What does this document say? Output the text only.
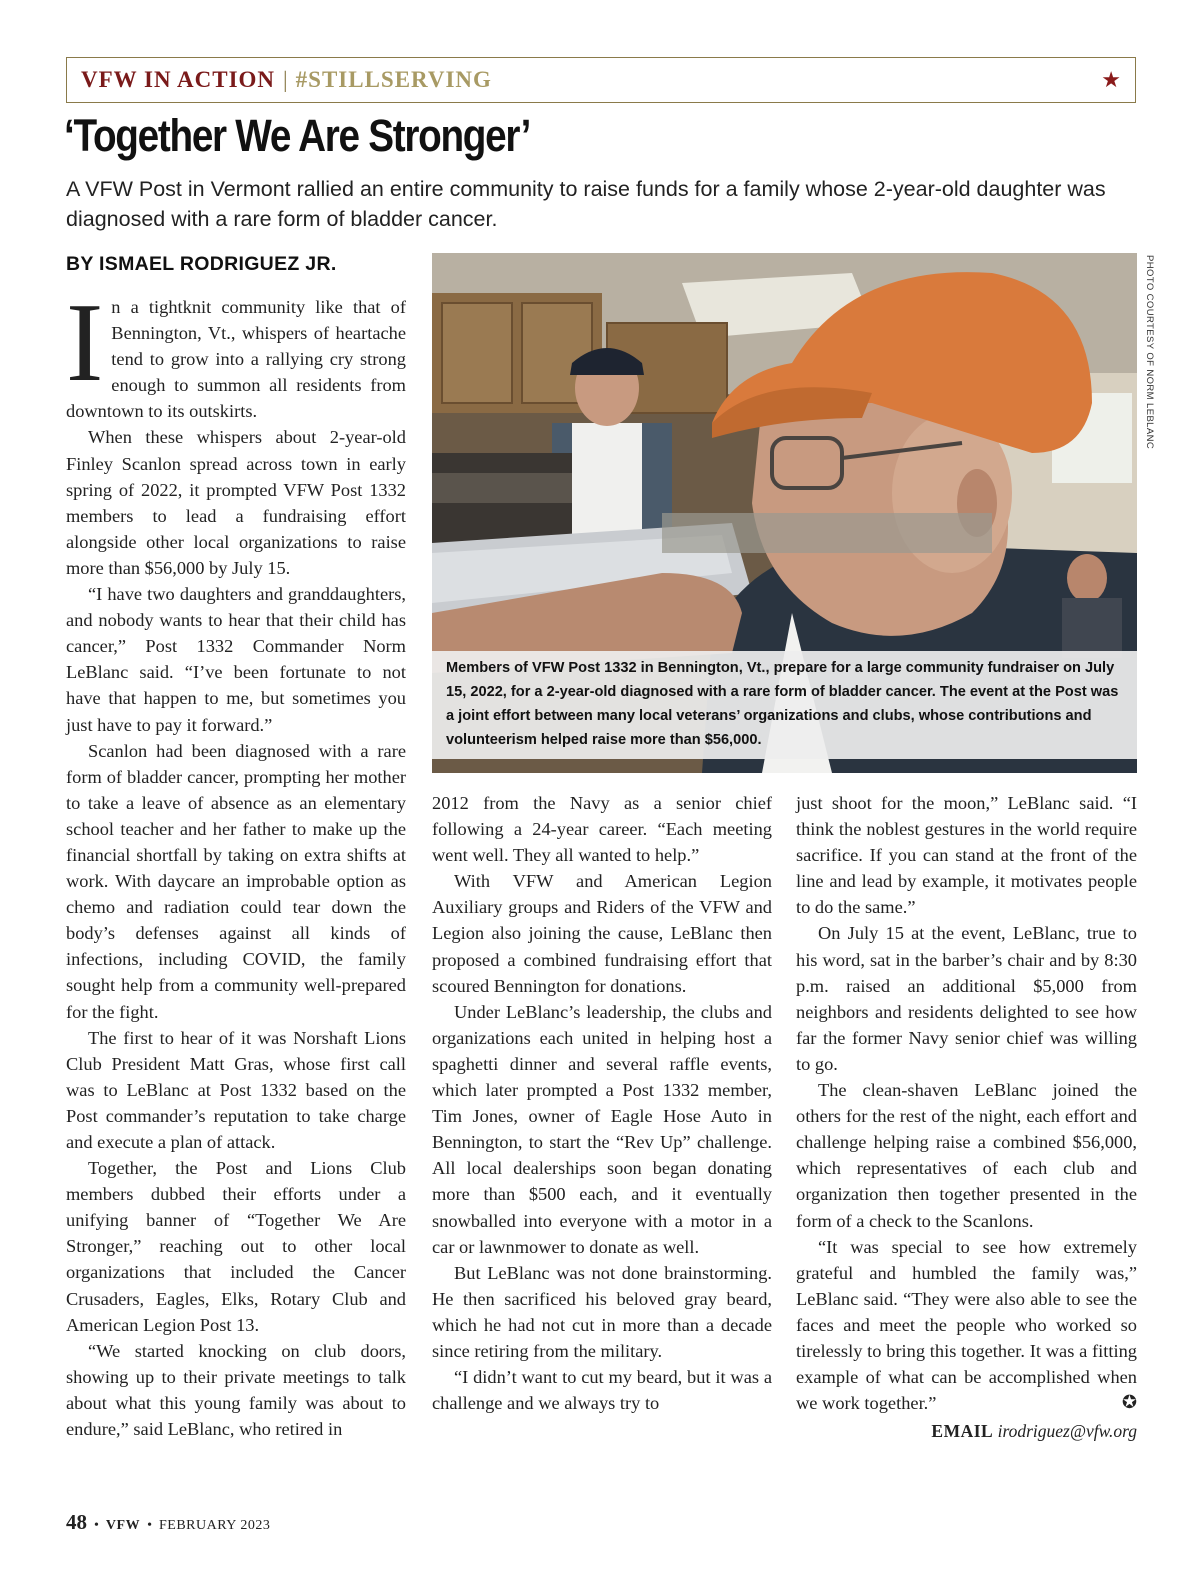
VFW IN ACTION | #STILLSERVING	★
‘Together We Are Stronger’

A VFW Post in Vermont rallied an entire community to raise funds for a family whose 2-year-old daughter was diagnosed with a rare form of bladder cancer.

BY ISMAEL RODRIGUEZ JR.

In a tightknit community like that of Bennington, Vt., whispers of heartache tend to grow into a rallying cry strong enough to summon all residents from downtown to its outskirts.

When these whispers about 2-year-old Finley Scanlon spread across town in early spring of 2022, it prompted VFW Post 1332 members to lead a fundraising effort alongside other local organizations to raise more than $56,000 by July 15.

“I have two daughters and granddaughters, and nobody wants to hear that their child has cancer,” Post 1332 Commander Norm LeBlanc said. “I’ve been fortunate to not have that happen to me, but sometimes you just have to pay it forward.”

Scanlon had been diagnosed with a rare form of bladder cancer, prompting her mother to take a leave of absence as an elementary school teacher and her father to make up the financial shortfall by taking on extra shifts at work. With daycare an improbable option as chemo and radiation could tear down the body’s defenses against all kinds of infections, including COVID, the family sought help from a community well-prepared for the fight.

The first to hear of it was Norshaft Lions Club President Matt Gras, whose first call was to LeBlanc at Post 1332 based on the Post commander’s reputation to take charge and execute a plan of attack.

Together, the Post and Lions Club members dubbed their efforts under a unifying banner of “Together We Are Stronger,” reaching out to other local organizations that included the Cancer Crusaders, Eagles, Elks, Rotary Club and American Legion Post 13.

“We started knocking on club doors, showing up to their private meetings to talk about what this young family was about to endure,” said LeBlanc, who retired in

Members of VFW Post 1332 in Bennington, Vt., prepare for a large community fundraiser on July 15, 2022, for a 2-year-old diagnosed with a rare form of bladder cancer. The event at the Post was a joint effort between many local veterans’ organizations and clubs, whose contributions and volunteerism helped raise more than $56,000.

PHOTO COURTESY OF NORM LEBLANC

2012 from the Navy as a senior chief following a 24-year career. “Each meeting went well. They all wanted to help.”

With VFW and American Legion Auxiliary groups and Riders of the VFW and Legion also joining the cause, LeBlanc then proposed a combined fundraising effort that scoured Bennington for donations.

Under LeBlanc’s leadership, the clubs and organizations each united in helping host a spaghetti dinner and several raffle events, which later prompted a Post 1332 member, Tim Jones, owner of Eagle Hose Auto in Bennington, to start the “Rev Up” challenge. All local dealerships soon began donating more than $500 each, and it eventually snowballed into everyone with a motor in a car or lawnmower to donate as well.

But LeBlanc was not done brainstorming. He then sacrificed his beloved gray beard, which he had not cut in more than a decade since retiring from the military.

“I didn’t want to cut my beard, but it was a challenge and we always try to

just shoot for the moon,” LeBlanc said. “I think the noblest gestures in the world require sacrifice. If you can stand at the front of the line and lead by example, it motivates people to do the same.”

On July 15 at the event, LeBlanc, true to his word, sat in the barber’s chair and by 8:30 p.m. raised an additional $5,000 from neighbors and residents delighted to see how far the former Navy senior chief was willing to go.

The clean-shaven LeBlanc joined the others for the rest of the night, each effort and challenge helping raise a combined $56,000, which representatives of each club and organization then together presented in the form of a check to the Scanlons.

“It was special to see how extremely grateful and humbled the family was,” LeBlanc said. “They were also able to see the faces and meet the people who worked so tirelessly to bring this together. It was a fitting example of what can be accomplished when we work together.”	✪

EMAIL irodriguez@vfw.org
48 • VFW • FEBRUARY 2023
